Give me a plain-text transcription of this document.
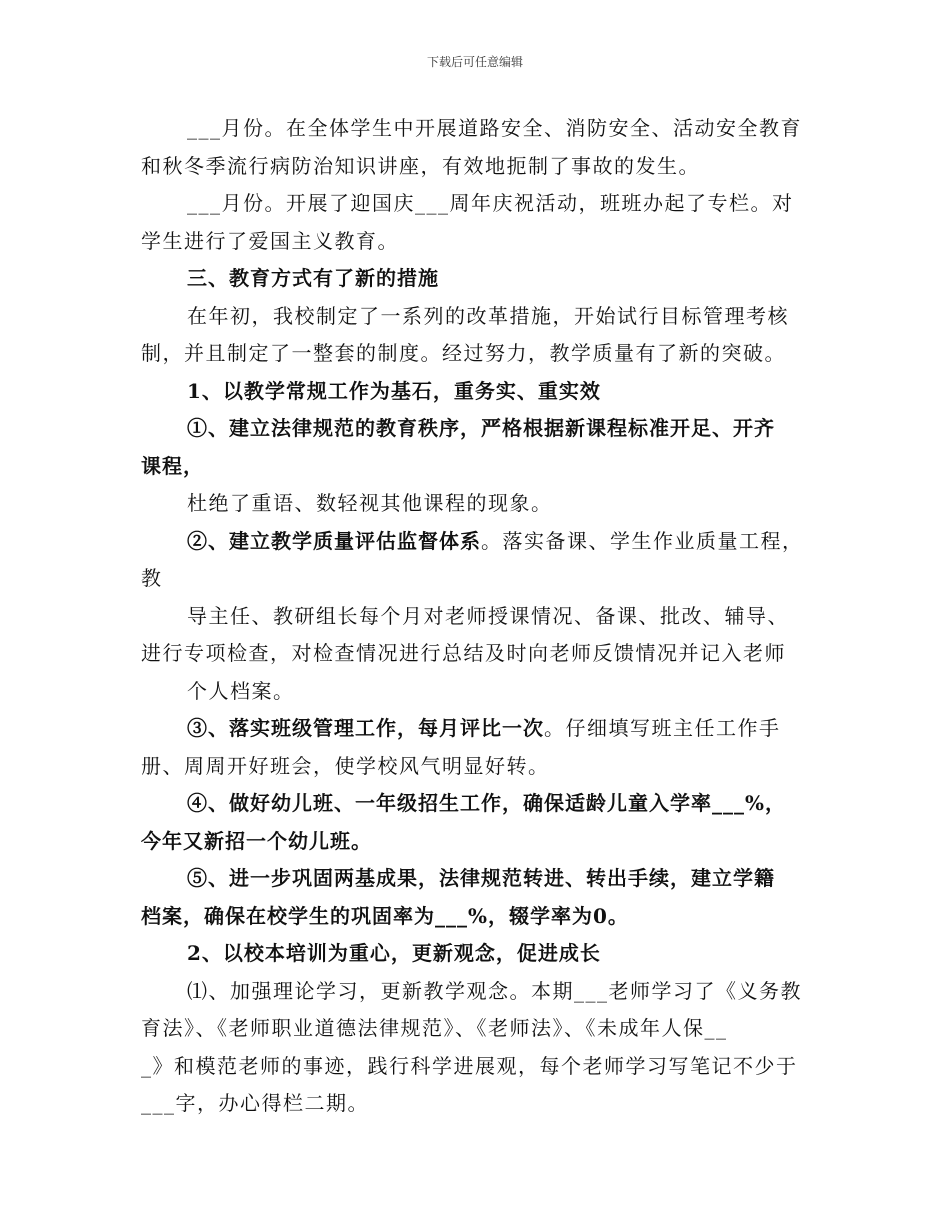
下载后可任意编辑

___月份。在全体学生中开展道路安全、消防安全、活动安全教育

和秋冬季流行病防治知识讲座，有效地扼制了事故的发生。

___月份。开展了迎国庆___周年庆祝活动，班班办起了专栏。对

学生进行了爱国主义教育。

三、教育方式有了新的措施

在年初，我校制定了一系列的改革措施，开始试行目标管理考核

制，并且制定了一整套的制度。经过努力，教学质量有了新的突破。

1、以教学常规工作为基石，重务实、重实效

①、建立法律规范的教育秩序，严格根据新课程标准开足、开齐

课程，

杜绝了重语、数轻视其他课程的现象。

②、建立教学质量评估监督体系。落实备课、学生作业质量工程，

教

导主任、教研组长每个月对老师授课情况、备课、批改、辅导、

进行专项检查，对检查情况进行总结及时向老师反馈情况并记入老师

个人档案。

③、落实班级管理工作，每月评比一次。仔细填写班主任工作手

册、周周开好班会，使学校风气明显好转。

④、做好幼儿班、一年级招生工作，确保适龄儿童入学率___%，

今年又新招一个幼儿班。

⑤、进一步巩固两基成果，法律规范转进、转出手续，建立学籍

档案，确保在校学生的巩固率为___%，辍学率为0。

2、以校本培训为重心，更新观念，促进成长

⑴、加强理论学习，更新教学观念。本期___老师学习了《义务教

育法》、《老师职业道德法律规范》、《老师法》、《未成年人保__

_》和模范老师的事迹，践行科学进展观，每个老师学习写笔记不少于

___字，办心得栏二期。
